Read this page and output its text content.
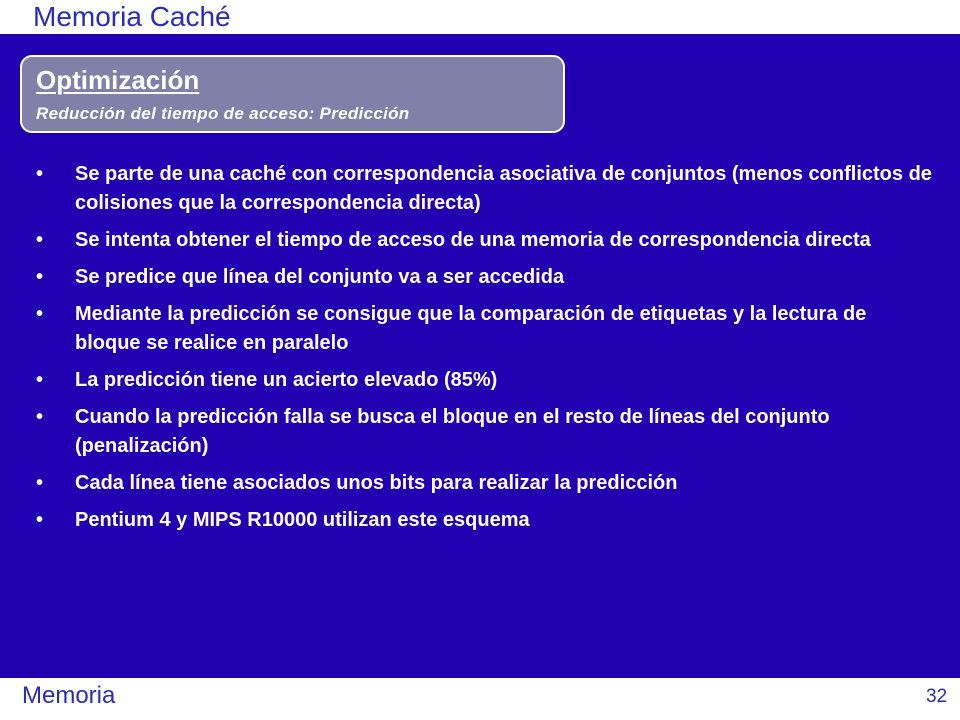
Memoria Caché
Optimización
Reducción del tiempo de acceso: Predicción
• Se parte de una caché con correspondencia asociativa de conjuntos (menos conflictos de colisiones que la correspondencia directa)
• Se intenta obtener el tiempo de acceso de una memoria de correspondencia directa
• Se predice que línea del conjunto va a ser accedida
• Mediante la predicción se consigue que la comparación de etiquetas y la lectura de bloque se realice en paralelo
• La predicción tiene un acierto elevado (85%)
• Cuando la predicción falla se busca el bloque en el resto de líneas del conjunto (penalización)
• Cada línea tiene asociados unos bits para realizar la predicción
• Pentium 4 y MIPS R10000 utilizan este esquema
Memoria	32
